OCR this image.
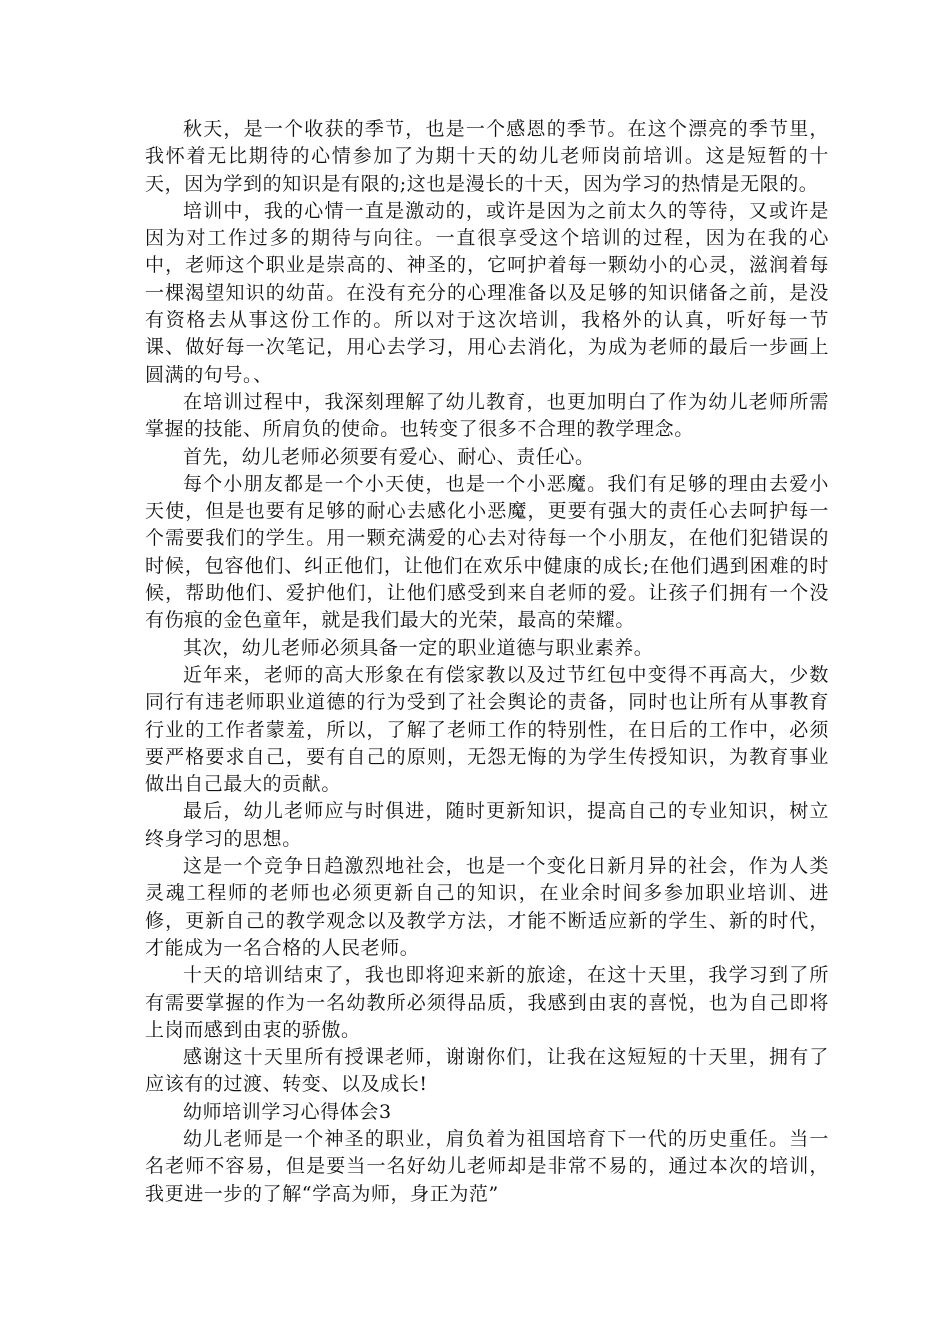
秋天，是一个收获的季节，也是一个感恩的季节。在这个漂亮的季节里，我怀着无比期待的心情参加了为期十天的幼儿老师岗前培训。这是短暂的十天，因为学到的知识是有限的;这也是漫长的十天，因为学习的热情是无限的。

培训中，我的心情一直是激动的，或许是因为之前太久的等待，又或许是因为对工作过多的期待与向往。一直很享受这个培训的过程，因为在我的心中，老师这个职业是崇高的、神圣的，它呵护着每一颗幼小的心灵，滋润着每一棵渴望知识的幼苗。在没有充分的心理准备以及足够的知识储备之前，是没有资格去从事这份工作的。所以对于这次培训，我格外的认真，听好每一节课、做好每一次笔记，用心去学习，用心去消化，为成为老师的最后一步画上圆满的句号。、

在培训过程中，我深刻理解了幼儿教育，也更加明白了作为幼儿老师所需掌握的技能、所肩负的使命。也转变了很多不合理的教学理念。

首先，幼儿老师必须要有爱心、耐心、责任心。

每个小朋友都是一个小天使，也是一个小恶魔。我们有足够的理由去爱小天使，但是也要有足够的耐心去感化小恶魔，更要有强大的责任心去呵护每一个需要我们的学生。用一颗充满爱的心去对待每一个小朋友，在他们犯错误的时候，包容他们、纠正他们，让他们在欢乐中健康的成长;在他们遇到困难的时候，帮助他们、爱护他们，让他们感受到来自老师的爱。让孩子们拥有一个没有伤痕的金色童年，就是我们最大的光荣，最高的荣耀。

其次，幼儿老师必须具备一定的职业道德与职业素养。

近年来，老师的高大形象在有偿家教以及过节红包中变得不再高大，少数同行有违老师职业道德的行为受到了社会舆论的责备，同时也让所有从事教育行业的工作者蒙羞，所以，了解了老师工作的特别性，在日后的工作中，必须要严格要求自己，要有自己的原则，无怨无悔的为学生传授知识，为教育事业做出自己最大的贡献。

最后，幼儿老师应与时俱进，随时更新知识，提高自己的专业知识，树立终身学习的思想。

这是一个竞争日趋激烈地社会，也是一个变化日新月异的社会，作为人类灵魂工程师的老师也必须更新自己的知识，在业余时间多参加职业培训、进修，更新自己的教学观念以及教学方法，才能不断适应新的学生、新的时代，才能成为一名合格的人民老师。

十天的培训结束了，我也即将迎来新的旅途，在这十天里，我学习到了所有需要掌握的作为一名幼教所必须得品质，我感到由衷的喜悦，也为自己即将上岗而感到由衷的骄傲。

感谢这十天里所有授课老师，谢谢你们，让我在这短短的十天里，拥有了应该有的过渡、转变、以及成长!

幼师培训学习心得体会3

幼儿老师是一个神圣的职业，肩负着为祖国培育下一代的历史重任。当一名老师不容易，但是要当一名好幼儿老师却是非常不易的，通过本次的培训，我更进一步的了解“学高为师，身正为范”
